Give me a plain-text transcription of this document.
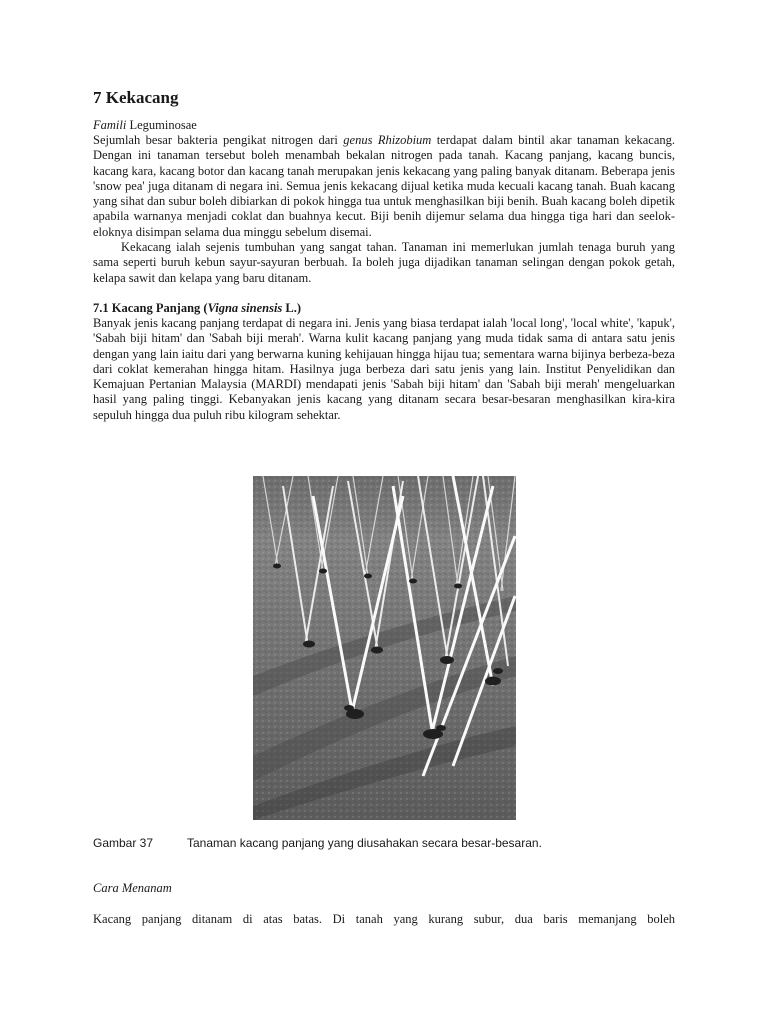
7 Kekacang
Famili Leguminosae

Sejumlah besar bakteria pengikat nitrogen dari genus Rhizobium terdapat dalam bintil akar tanaman kekacang. Dengan ini tanaman tersebut boleh menambah bekalan nitrogen pada tanah. Kacang panjang, kacang buncis, kacang kara, kacang botor dan kacang tanah merupakan jenis kekacang yang paling banyak ditanam. Beberapa jenis 'snow pea' juga ditanam di negara ini. Semua jenis kekacang dijual ketika muda kecuali kacang tanah. Buah kacang yang sihat dan subur boleh dibiarkan di pokok hingga tua untuk menghasilkan biji benih. Buah kacang boleh dipetik apabila warnanya menjadi coklat dan buahnya kecut. Biji benih dijemur selama dua hingga tiga hari dan seelok-eloknya disimpan selama dua minggu sebelum disemai.

Kekacang ialah sejenis tumbuhan yang sangat tahan. Tanaman ini memerlukan jumlah tenaga buruh yang sama seperti buruh kebun sayur-sayuran berbuah. Ia boleh juga dijadikan tanaman selingan dengan pokok getah, kelapa sawit dan kelapa yang baru ditanam.

7.1 Kacang Panjang (Vigna sinensis L.)

Banyak jenis kacang panjang terdapat di negara ini. Jenis yang biasa terdapat ialah 'local long', 'local white', 'kapuk', 'Sabah biji hitam' dan 'Sabah biji merah'. Warna kulit kacang panjang yang muda tidak sama di antara satu jenis dengan yang lain iaitu dari yang berwarna kuning kehijauan hingga hijau tua; sementara warna bijinya berbeza-beza dari coklat kemerahan hingga hitam. Hasilnya juga berbeza dari satu jenis yang lain. Institut Penyelidikan dan Kemajuan Pertanian Malaysia (MARDI) mendapati jenis 'Sabah biji hitam' dan 'Sabah biji merah' mengeluarkan hasil yang paling tinggi. Kebanyakan jenis kacang yang ditanam secara besar-besaran menghasilkan kira-kira sepuluh hingga dua puluh ribu kilogram sehektar.

Gambar 37	Tanaman kacang panjang yang diusahakan secara besar-besaran.
Cara Menanam
Kacang panjang ditanam di atas batas. Di tanah yang kurang subur, dua baris memanjang boleh
